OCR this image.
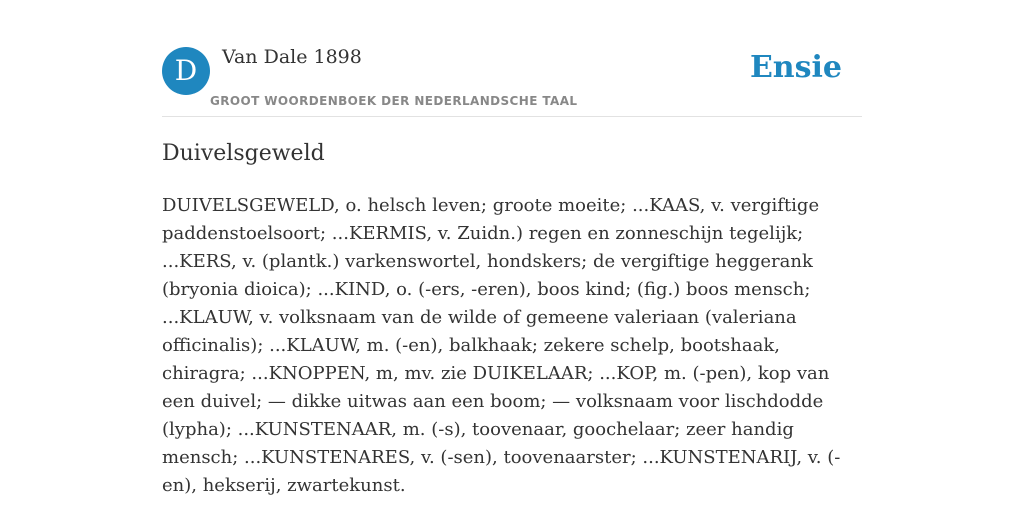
D	Van Dale 1898
GROOT WOORDENBOEK DER NEDERLANDSCHE TAAL
Ensie
Duivelsgeweld
DUIVELSGEWELD, o. helsch leven; groote moeite; ...KAAS, v. vergiftige paddenstoelsoort; ...KERMIS, v. Zuidn.) regen en zonneschijn tegelijk; ...KERS, v. (plantk.) varkenswortel, hondskers; de vergiftige heggerank (bryonia dioica); ...KIND, o. (-ers, -eren), boos kind; (fig.) boos mensch; ...KLAUW, v. volksnaam van de wilde of gemeene valeriaan (valeriana officinalis); ...KLAUW, m. (-en), balkhaak; zekere schelp, bootshaak, chiragra; ...KNOPPEN, m, mv. zie DUIKELAAR; ...KOP, m. (-pen), kop van een duivel; — dikke uitwas aan een boom; — volksnaam voor lischdodde (lypha); ...KUNSTENAAR, m. (-s), toovenaar, goochelaar; zeer handig mensch; ...KUNSTENARES, v. (-sen), toovenaarster; ...KUNSTENARIJ, v. (-en), hekserij, zwartekunst.
